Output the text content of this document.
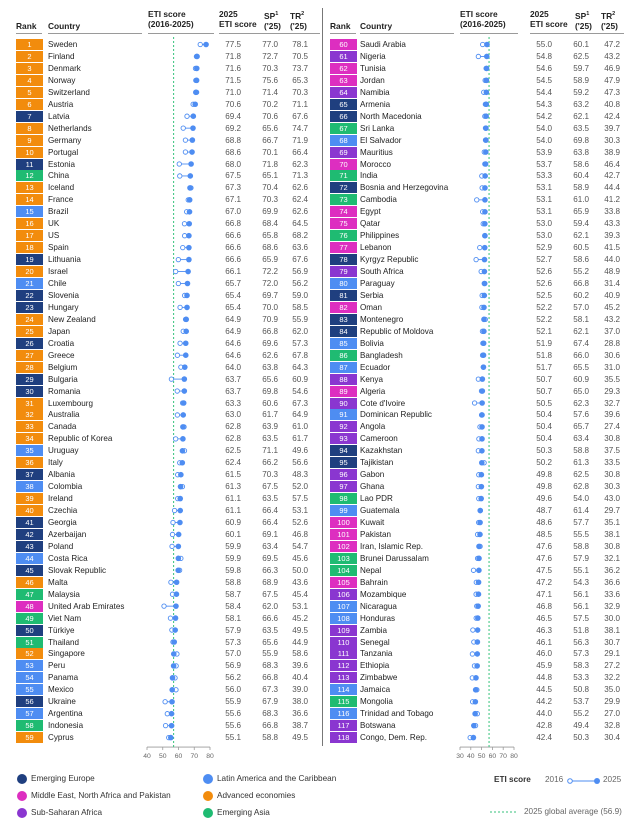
Rank Country
ETI score
(2016-2025)
2025
ETI score
$SP^1$
('25)
$TR^2$
('25)
1	Sweden	77.5	77.0	78.1
2	Finland	71.8	72.7	70.5
3	Denmark	71.6	70.3	73.7
4	Norway	71.5	75.6	65.3
5	Switzerland	71.0	71.4	70.3
6	Austria	70.6	70.2	71.1
7	Latvia	69.4	70.6	67.6
8	Netherlands	69.2	65.6	74.7
9	Germany	68.8	66.7	71.9
10	Portugal	68.6	70.1	66.4
11	Estonia	68.0	71.8	62.3
12	China	67.5	65.1	71.3
13	Iceland	67.3	70.4	62.6
14	France	67.1	70.3	62.4
15	Brazil	67.0	69.9	62.6
16	UK	66.8	68.4	64.5
17	US	66.6	65.8	68.2
18	Spain	66.6	68.6	63.6
19	Lithuania	66.6	65.9	67.6
20	Israel	66.1	72.2	56.9
21	Chile	65.7	72.0	56.2
22	Slovenia	65.4	69.7	59.0
23	Hungary	65.4	70.0	58.5
24	New Zealand	64.9	70.9	55.9
25	Japan	64.9	66.8	62.0
26	Croatia	64.6	69.6	57.3
27	Greece	64.6	62.6	67.8
28	Belgium	64.0	63.8	64.3
29	Bulgaria	63.7	65.6	60.9
30	Romania	63.7	69.8	54.6
31	Luxembourg	63.3	60.6	67.3
32	Australia	63.0	61.7	64.9
33	Canada	62.8	63.9	61.0
34	Republic of Korea	62.8	63.5	61.7
35	Uruguay	62.5	71.1	49.6
36	Italy	62.4	66.2	56.6
37	Albania	61.5	70.3	48.3
38	Colombia	61.3	67.5	52.0
39	Ireland	61.1	63.5	57.5
40	Czechia	61.1	66.4	53.1
41	Georgia	60.9	66.4	52.6
42	Azerbaijan	60.1	69.1	46.8
43	Poland	59.9	63.4	54.7
44	Costa Rica	59.9	69.5	45.6
45	Slovak Republic	59.8	66.3	50.0
46	Malta	58.8	68.9	43.6
47	Malaysia	58.7	67.5	45.4
48	United Arab Emirates	58.4	62.0	53.1
49	Viet Nam	58.1	66.6	45.2
50	Türkiye	57.9	63.5	49.5
51	Thailand	57.3	65.6	44.9
52	Singapore	57.0	55.9	58.6
53	Peru	56.9	68.3	39.6
54	Panama	56.2	66.8	40.4
55	Mexico	56.0	67.3	39.0
56	Ukraine	55.9	67.9	38.0
57	Argentina	55.6	68.3	36.6
58	Indonesia	55.6	66.8	38.7
59	Cyprus	55.1	58.8	49.5
40 50 60 70 80
Rank Country
ETI score
(2016-2025)
2025
ETI score
$SP^1$
('25)
$TR^2$
('25)
60	Saudi Arabia	55.0	60.1	47.2
61	Nigeria	54.8	62.5	43.2
62	Tunisia	54.6	59.7	46.9
63	Jordan	54.5	58.9	47.9
64	Namibia	54.4	59.2	47.3
65	Armenia	54.3	63.2	40.8
66	North Macedonia	54.2	62.1	42.4
67	Sri Lanka	54.0	63.5	39.7
68	El Salvador	54.0	69.8	30.3
69	Mauritius	53.9	63.8	38.9
70	Morocco	53.7	58.6	46.4
71	India	53.3	60.4	42.7
72	Bosnia and Herzegovina	53.1	58.9	44.4
73	Cambodia	53.1	61.0	41.2
74	Egypt	53.1	65.9	33.8
75	Qatar	53.0	59.4	43.3
76	Philippines	53.0	62.1	39.3
77	Lebanon	52.9	60.5	41.5
78	Kyrgyz Republic	52.7	58.6	44.0
79	South Africa	52.6	55.2	48.9
80	Paraguay	52.6	66.8	31.4
81	Serbia	52.5	60.2	40.9
82	Oman	52.2	57.0	45.2
83	Montenegro	52.2	58.1	43.2
84	Republic of Moldova	52.1	62.1	37.0
85	Bolivia	51.9	67.4	28.8
86	Bangladesh	51.8	66.0	30.6
87	Ecuador	51.7	65.5	31.0
88	Kenya	50.7	60.9	35.5
89	Algeria	50.7	65.0	29.3
90	Cote d'Ivoire	50.5	62.3	32.7
91	Dominican Republic	50.4	57.6	39.6
92	Angola	50.4	65.7	27.4
93	Cameroon	50.4	63.4	30.8
94	Kazakhstan	50.3	58.8	37.5
95	Tajikistan	50.2	61.3	33.5
96	Gabon	49.8	62.5	30.8
97	Ghana	49.8	62.8	30.3
98	Lao PDR	49.6	54.0	43.0
99	Guatemala	48.7	61.4	29.7
100	Kuwait	48.6	57.7	35.1
101	Pakistan	48.5	55.5	38.1
102	Iran, Islamic Rep.	47.6	58.8	30.8
103	Brunei Darussalam	47.6	57.9	32.1
104	Nepal	47.5	55.1	36.2
105	Bahrain	47.2	54.3	36.6
106	Mozambique	47.1	56.1	33.6
107	Nicaragua	46.8	56.1	32.9
108	Honduras	46.5	57.5	30.0
109	Zambia	46.3	51.8	38.1
110	Senegal	46.1	56.3	30.7
111	Tanzania	46.0	57.3	29.1
112	Ethiopia	45.9	58.3	27.2
113	Zimbabwe	44.8	53.3	32.2
114	Jamaica	44.5	50.8	35.0
115	Mongolia	44.2	53.7	29.9
116	Trinidad and Tobago	44.0	55.2	27.0
117	Botswana	42.8	49.4	32.8
118	Congo, Dem. Rep.	42.4	50.3	30.4
30 40 50 60 70 80
Emerging Europe	Latin America and the Caribbean
Middle East, North Africa and Pakistan	Advanced economies
Sub-Saharan Africa	Emerging Asia
ETI score 2016	2025
2025 global average (56.9)
